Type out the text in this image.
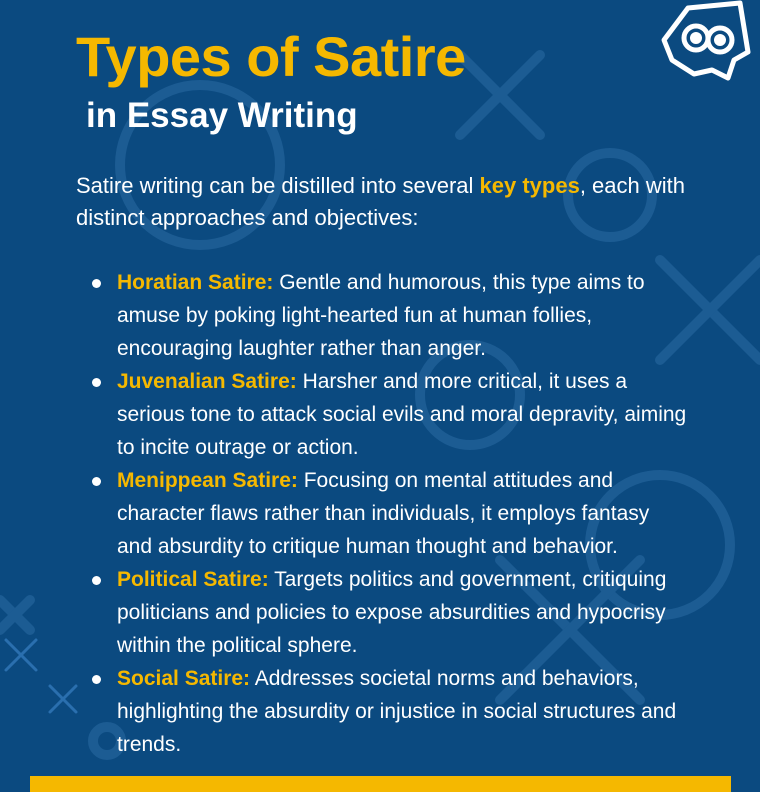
Types of Satire
in Essay Writing
Satire writing can be distilled into several key types, each with distinct approaches and objectives:
Horatian Satire: Gentle and humorous, this type aims to amuse by poking light-hearted fun at human follies, encouraging laughter rather than anger.
Juvenalian Satire: Harsher and more critical, it uses a serious tone to attack social evils and moral depravity, aiming to incite outrage or action.
Menippean Satire: Focusing on mental attitudes and character flaws rather than individuals, it employs fantasy and absurdity to critique human thought and behavior.
Political Satire: Targets politics and government, critiquing politicians and policies to expose absurdities and hypocrisy within the political sphere.
Social Satire: Addresses societal norms and behaviors, highlighting the absurdity or injustice in social structures and trends.
